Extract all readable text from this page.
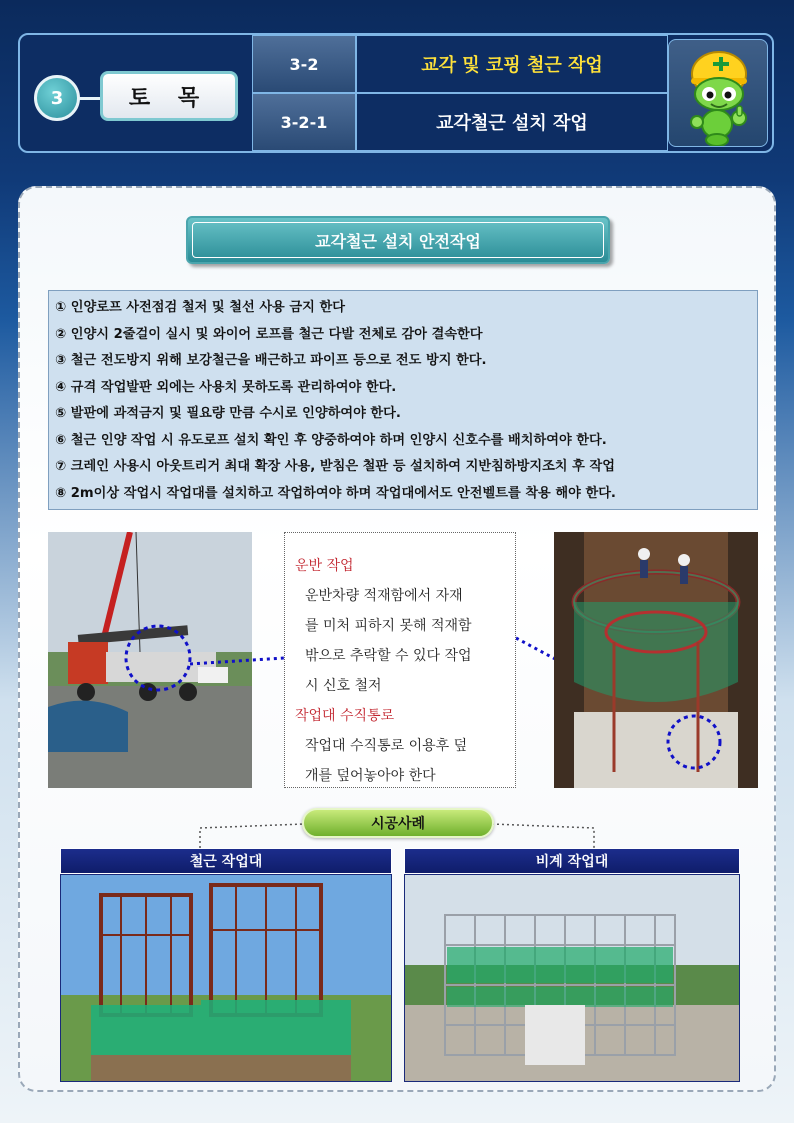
3	토 목
3-2
3-2-1
교각 및 코핑 철근 작업
교각철근 설치 작업
교각철근 설치 안전작업
① 인양로프 사전점검 철저 및 철선 사용 금지 한다
② 인양시 2줄걸이 실시 및 와이어 로프를 철근 다발 전체로 감아 결속한다
③ 철근 전도방지 위해 보강철근을 배근하고 파이프 등으로 전도 방지 한다.
④ 규격 작업발판 외에는 사용치 못하도록 관리하여야 한다.
⑤ 발판에 과적금지 및 필요량 만큼 수시로 인양하여야 한다.
⑥ 철근 인양 작업 시 유도로프 설치 확인 후 양중하여야 하며 인양시 신호수를 배치하여야 한다.
⑦ 크레인 사용시 아웃트리거 최대 확장 사용, 받침은 철판 등 설치하여 지반침하방지조치 후 작업
⑧ 2m이상 작업시 작업대를 설치하고 작업하여야 하며 작업대에서도 안전벨트를 착용 해야 한다.
운반 작업
운반차량 적재함에서 자재
를 미처 피하지 못해 적재함
밖으로 추락할 수 있다 작업
시 신호 철저
작업대 수직통로
작업대 수직통로 이용후 덮
개를 덮어놓아야 한다
시공사례
철근 작업대	비계 작업대
